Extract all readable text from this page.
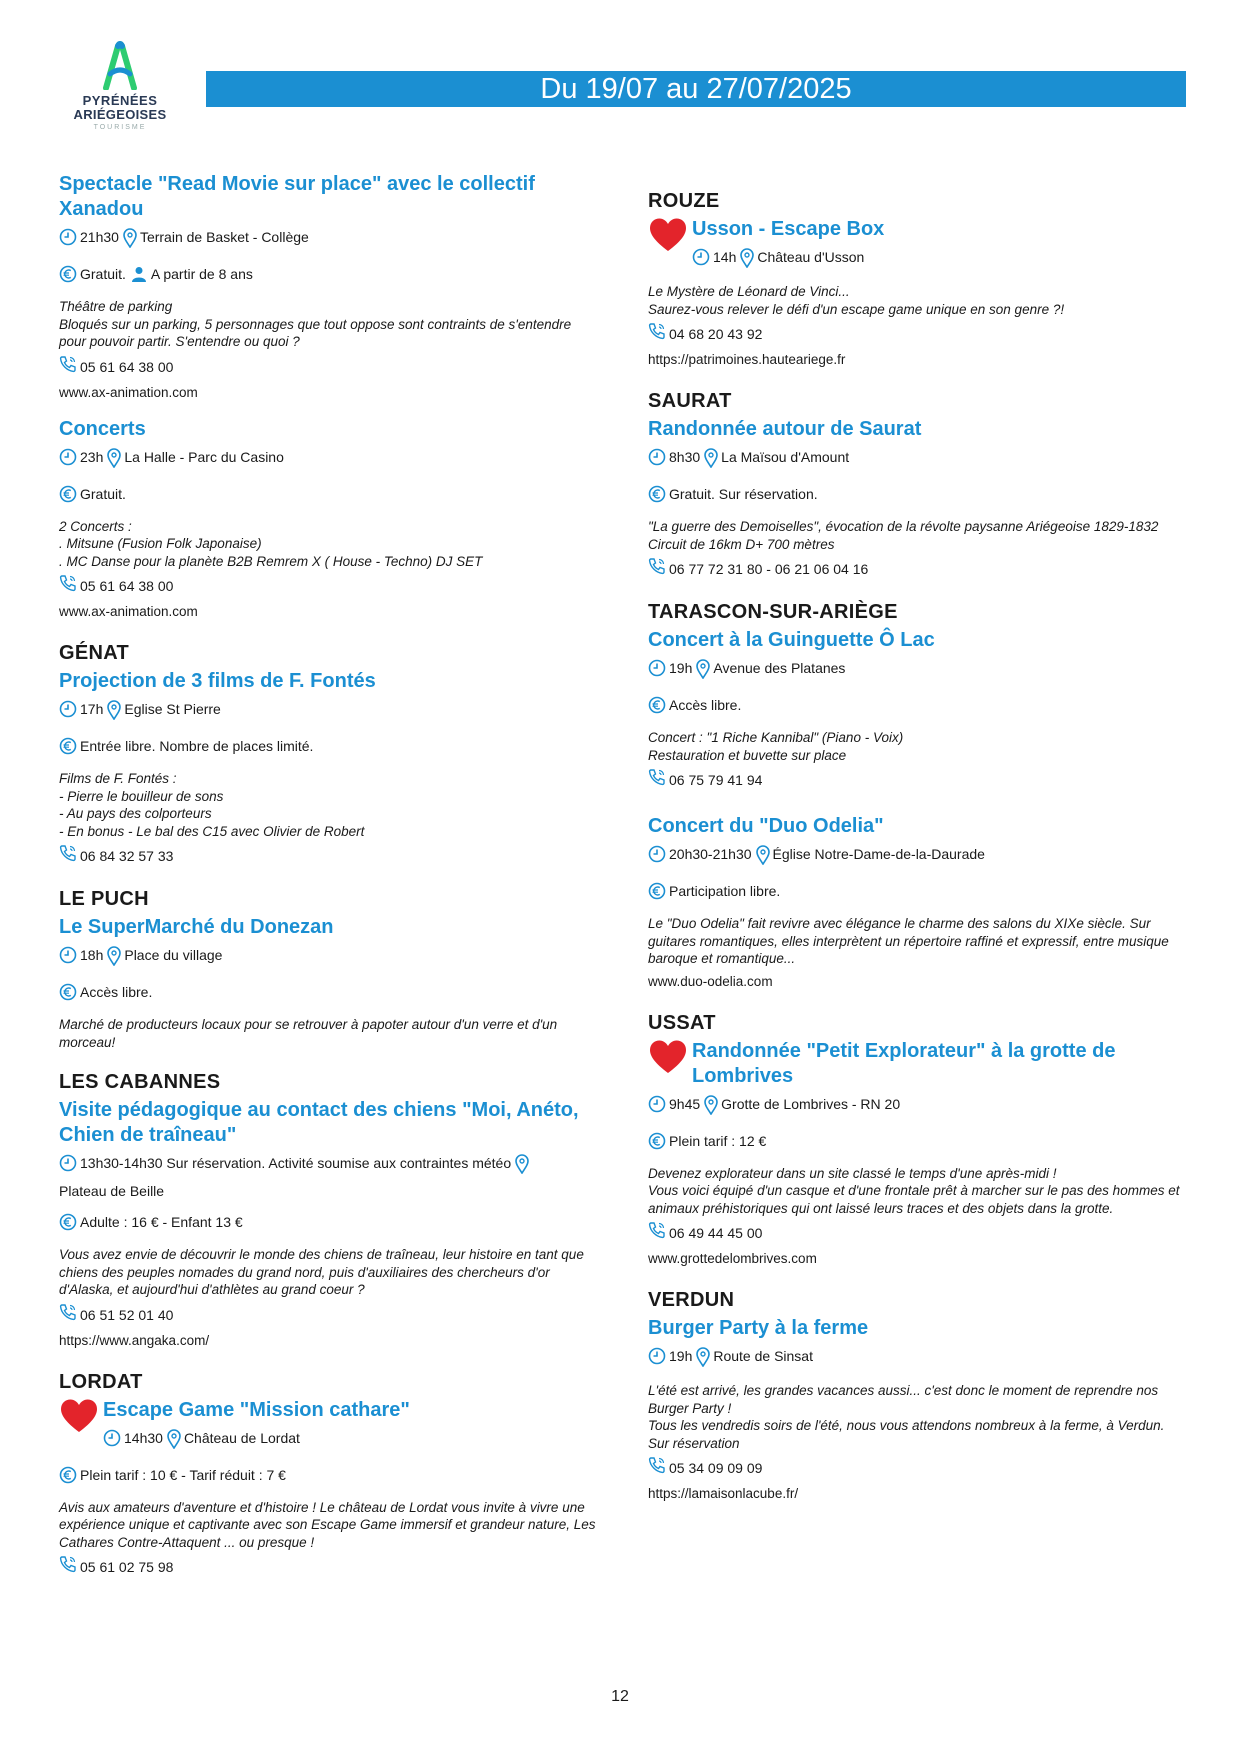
PYRÉNÉES
ARIÉGEOISES
TOURISME
Du 19/07 au 27/07/2025
Spectacle "Read Movie sur place" avec le collectif Xanadou
21h30 Terrain de Basket - Collège
Gratuit. A partir de 8 ans
Théâtre de parking
Bloqués sur un parking, 5 personnages que tout oppose sont contraints de s'entendre pour pouvoir partir. S'entendre ou quoi ?
05 61 64 38 00
www.ax-animation.com
Concerts
23h La Halle - Parc du Casino
Gratuit.
2 Concerts :
. Mitsune (Fusion Folk Japonaise)
. MC Danse pour la planète B2B Remrem X ( House - Techno) DJ SET
05 61 64 38 00
www.ax-animation.com
GÉNAT
Projection de 3 films de F. Fontés
17h Eglise St Pierre
Entrée libre. Nombre de places limité.
Films de F. Fontés :
- Pierre le bouilleur de sons
- Au pays des colporteurs
- En bonus - Le bal des C15 avec Olivier de Robert
06 84 32 57 33
LE PUCH
Le SuperMarché du Donezan
18h Place du village
Accès libre.
Marché de producteurs locaux pour se retrouver à papoter autour d'un verre et d'un morceau!
LES CABANNES
Visite pédagogique au contact des chiens "Moi, Anéto, Chien de traîneau"
13h30-14h30 Sur réservation. Activité soumise aux contraintes météo
Plateau de Beille
Adulte : 16 € - Enfant 13 €
Vous avez envie de découvrir le monde des chiens de traîneau, leur histoire en tant que chiens des peuples nomades du grand nord, puis d'auxiliaires des chercheurs d'or d'Alaska, et aujourd'hui d'athlètes au grand coeur ?
06 51 52 01 40
https://www.angaka.com/
LORDAT
Escape Game "Mission cathare"
14h30 Château de Lordat
Plein tarif : 10 € - Tarif réduit : 7 €
Avis aux amateurs d'aventure et d'histoire ! Le château de Lordat vous invite à vivre une expérience unique et captivante avec son Escape Game immersif et grandeur nature, Les Cathares Contre-Attaquent ... ou presque !
05 61 02 75 98
ROUZE
Usson - Escape Box
14h Château d'Usson
Le Mystère de Léonard de Vinci...
Saurez-vous relever le défi d'un escape game unique en son genre ?!
04 68 20 43 92
https://patrimoines.hauteariege.fr
SAURAT
Randonnée autour de Saurat
8h30 La Maïsou d'Amount
Gratuit. Sur réservation.
"La guerre des Demoiselles", évocation de la révolte paysanne Ariégeoise 1829-1832
Circuit de 16km D+ 700 mètres
06 77 72 31 80 - 06 21 06 04 16
TARASCON-SUR-ARIÈGE
Concert à la Guinguette Ô Lac
19h Avenue des Platanes
Accès libre.
Concert : "1 Riche Kannibal" (Piano - Voix)
Restauration et buvette sur place
06 75 79 41 94
Concert du "Duo Odelia"
20h30-21h30 Église Notre-Dame-de-la-Daurade
Participation libre.
Le "Duo Odelia" fait revivre avec élégance le charme des salons du XIXe siècle. Sur guitares romantiques, elles interprètent un répertoire raffiné et expressif, entre musique baroque et romantique...
www.duo-odelia.com
USSAT
Randonnée "Petit Explorateur" à la grotte de Lombrives
9h45 Grotte de Lombrives - RN 20
Plein tarif : 12 €
Devenez explorateur dans un site classé le temps d'une après-midi !
Vous voici équipé d'un casque et d'une frontale prêt à marcher sur le pas des hommes et animaux préhistoriques qui ont laissé leurs traces et des objets dans la grotte.
06 49 44 45 00
www.grottedelombrives.com
VERDUN
Burger Party à la ferme
19h Route de Sinsat
L'été est arrivé, les grandes vacances aussi... c'est donc le moment de reprendre nos Burger Party !
Tous les vendredis soirs de l'été, nous vous attendons nombreux à la ferme, à Verdun.
Sur réservation
05 34 09 09 09
https://lamaisonlacube.fr/
12
